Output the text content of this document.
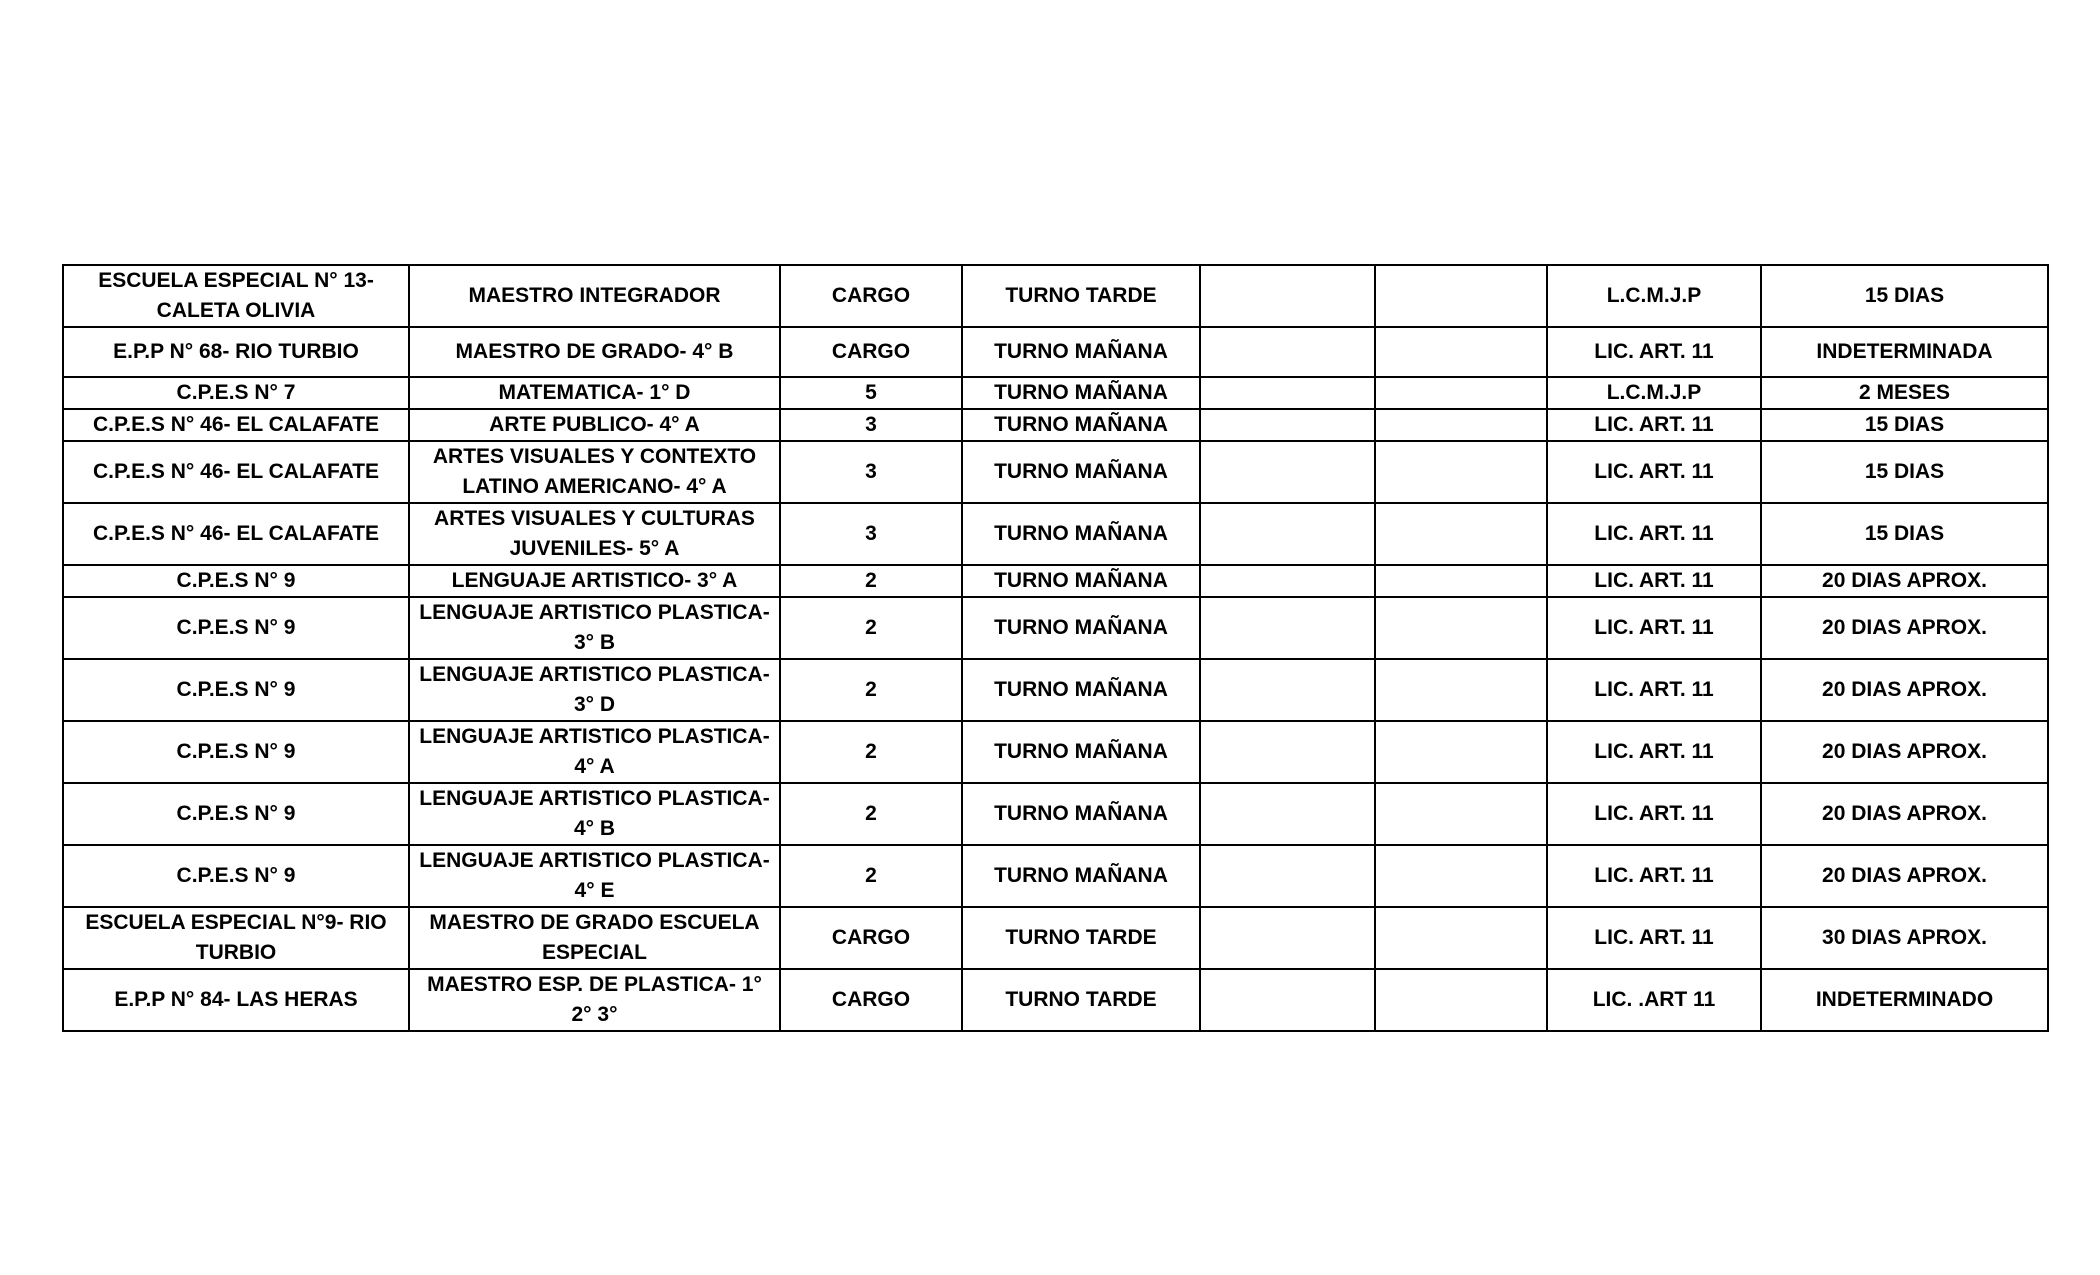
ESCUELA ESPECIAL N° 13- CALETA OLIVIA	MAESTRO INTEGRADOR	CARGO	TURNO TARDE			L.C.M.J.P	15 DIAS
E.P.P N° 68- RIO TURBIO	MAESTRO DE GRADO- 4° B	CARGO	TURNO MAÑANA			LIC. ART. 11	INDETERMINADA
C.P.E.S N° 7	MATEMATICA- 1° D	5	TURNO MAÑANA			L.C.M.J.P	2 MESES
C.P.E.S N° 46- EL CALAFATE	ARTE PUBLICO- 4° A	3	TURNO MAÑANA			LIC. ART. 11	15 DIAS
C.P.E.S N° 46- EL CALAFATE	ARTES VISUALES Y CONTEXTO LATINO AMERICANO- 4° A	3	TURNO MAÑANA			LIC. ART. 11	15 DIAS
C.P.E.S N° 46- EL CALAFATE	ARTES VISUALES Y CULTURAS JUVENILES- 5° A	3	TURNO MAÑANA			LIC. ART. 11	15 DIAS
C.P.E.S N° 9	LENGUAJE ARTISTICO- 3° A	2	TURNO MAÑANA			LIC. ART. 11	20 DIAS APROX.
C.P.E.S N° 9	LENGUAJE ARTISTICO PLASTICA- 3° B	2	TURNO MAÑANA			LIC. ART. 11	20 DIAS APROX.
C.P.E.S N° 9	LENGUAJE ARTISTICO PLASTICA- 3° D	2	TURNO MAÑANA			LIC. ART. 11	20 DIAS APROX.
C.P.E.S N° 9	LENGUAJE ARTISTICO PLASTICA- 4° A	2	TURNO MAÑANA			LIC. ART. 11	20 DIAS APROX.
C.P.E.S N° 9	LENGUAJE ARTISTICO PLASTICA- 4° B	2	TURNO MAÑANA			LIC. ART. 11	20 DIAS APROX.
C.P.E.S N° 9	LENGUAJE ARTISTICO PLASTICA- 4° E	2	TURNO MAÑANA			LIC. ART. 11	20 DIAS APROX.
ESCUELA ESPECIAL N°9- RIO TURBIO	MAESTRO DE GRADO ESCUELA ESPECIAL	CARGO	TURNO TARDE			LIC. ART. 11	30 DIAS APROX.
E.P.P N° 84- LAS HERAS	MAESTRO ESP. DE PLASTICA- 1° 2° 3°	CARGO	TURNO TARDE			LIC. .ART 11	INDETERMINADO
